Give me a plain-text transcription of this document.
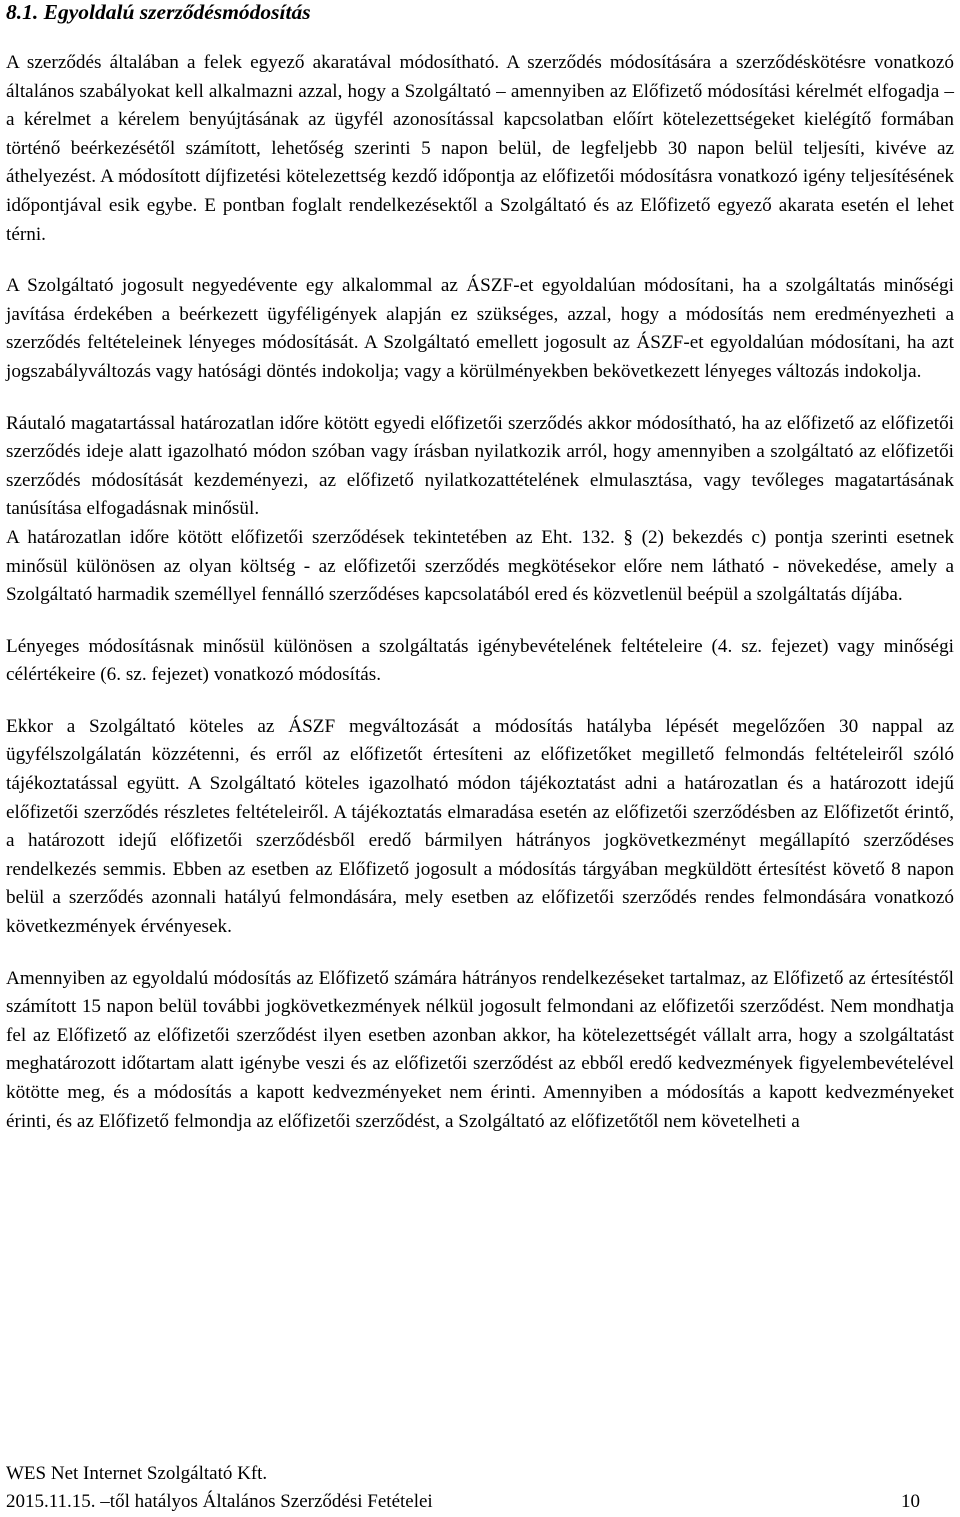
8.1. Egyoldalú szerződésmódosítás

A szerződés általában a felek egyező akaratával módosítható. A szerződés módosítására a szerződéskötésre vonatkozó általános szabályokat kell alkalmazni azzal, hogy a Szolgáltató – amennyiben az Előfizető módosítási kérelmét elfogadja – a kérelmet a kérelem benyújtásának az ügyfél azonosítással kapcsolatban előírt kötelezettségeket kielégítő formában történő beérkezésétől számított, lehetőség szerinti 5 napon belül, de legfeljebb 30 napon belül teljesíti, kivéve az áthelyezést. A módosított díjfizetési kötelezettség kezdő időpontja az előfizetői módosításra vonatkozó igény teljesítésének időpontjával esik egybe. E pontban foglalt rendelkezésektől a Szolgáltató és az Előfizető egyező akarata esetén el lehet térni.

A Szolgáltató jogosult negyedévente egy alkalommal az ÁSZF-et egyoldalúan módosítani, ha a szolgáltatás minőségi javítása érdekében a beérkezett ügyféligények alapján ez szükséges, azzal, hogy a módosítás nem eredményezheti a szerződés feltételeinek lényeges módosítását. A Szolgáltató emellett jogosult az ÁSZF-et egyoldalúan módosítani, ha azt jogszabályváltozás vagy hatósági döntés indokolja; vagy a körülményekben bekövetkezett lényeges változás indokolja.

Ráutaló magatartással határozatlan időre kötött egyedi előfizetői szerződés akkor módosítható, ha az előfizető az előfizetői szerződés ideje alatt igazolható módon szóban vagy írásban nyilatkozik arról, hogy amennyiben a szolgáltató az előfizetői szerződés módosítását kezdeményezi, az előfizető nyilatkozattételének elmulasztása, vagy tevőleges magatartásának tanúsítása elfogadásnak minősül.

A határozatlan időre kötött előfizetői szerződések tekintetében az Eht. 132. § (2) bekezdés c) pontja szerinti esetnek minősül különösen az olyan költség - az előfizetői szerződés megkötésekor előre nem látható - növekedése, amely a Szolgáltató harmadik személlyel fennálló szerződéses kapcsolatából ered és közvetlenül beépül a szolgáltatás díjába.

Lényeges módosításnak minősül különösen a szolgáltatás igénybevételének feltételeire (4. sz. fejezet) vagy minőségi célértékeire (6. sz. fejezet) vonatkozó módosítás.

Ekkor a Szolgáltató köteles az ÁSZF megváltozását a módosítás hatályba lépését megelőzően 30 nappal az ügyfélszolgálatán közzétenni, és erről az előfizetőt értesíteni az előfizetőket megillető felmondás feltételeiről szóló tájékoztatással együtt. A Szolgáltató köteles igazolható módon tájékoztatást adni a határozatlan és a határozott idejű előfizetői szerződés részletes feltételeiről. A tájékoztatás elmaradása esetén az előfizetői szerződésben az Előfizetőt érintő, a határozott idejű előfizetői szerződésből eredő bármilyen hátrányos jogkövetkezményt megállapító szerződéses rendelkezés semmis. Ebben az esetben az Előfizető jogosult a módosítás tárgyában megküldött értesítést követő 8 napon belül a szerződés azonnali hatályú felmondására, mely esetben az előfizetői szerződés rendes felmondására vonatkozó következmények érvényesek.

Amennyiben az egyoldalú módosítás az Előfizető számára hátrányos rendelkezéseket tartalmaz, az Előfizető az értesítéstől számított 15 napon belül további jogkövetkezmények nélkül jogosult felmondani az előfizetői szerződést. Nem mondhatja fel az Előfizető az előfizetői szerződést ilyen esetben azonban akkor, ha kötelezettségét vállalt arra, hogy a szolgáltatást meghatározott időtartam alatt igénybe veszi és az előfizetői szerződést az ebből eredő kedvezmények figyelembevételével kötötte meg, és a módosítás a kapott kedvezményeket nem érinti. Amennyiben a módosítás a kapott kedvezményeket érinti, és az Előfizető felmondja az előfizetői szerződést, a Szolgáltató az előfizetőtől nem követelheti a

WES Net Internet Szolgáltató Kft.
2015.11.15. –től hatályos Általános Szerződési Fetételei	10
